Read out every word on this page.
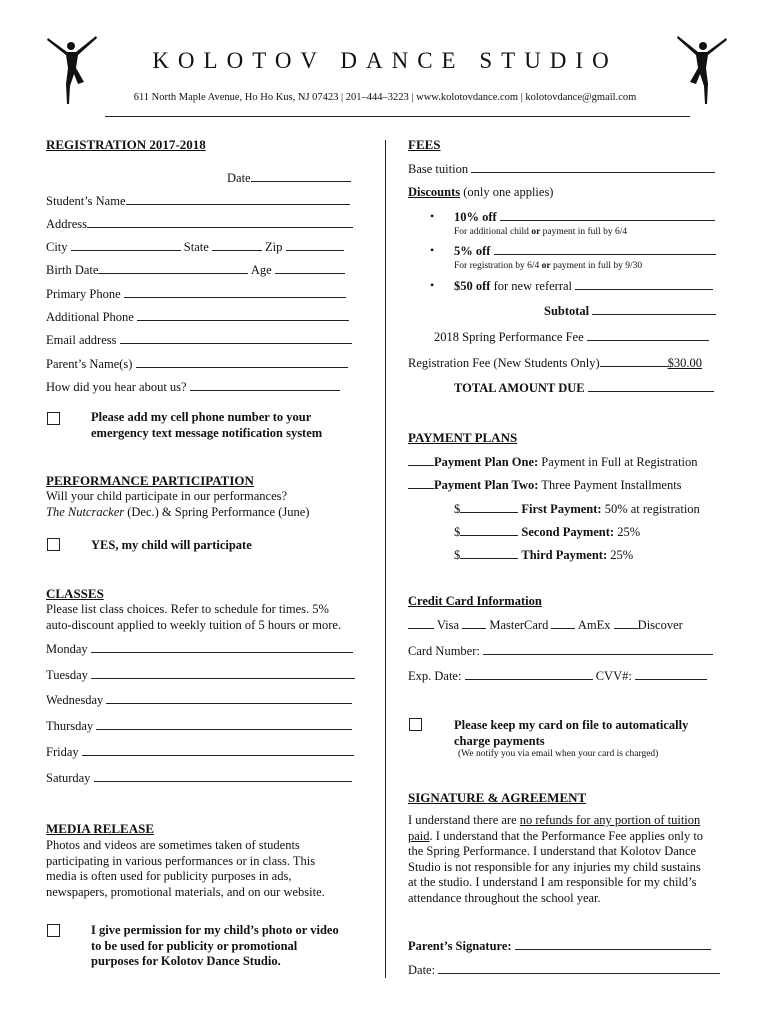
KOLOTOV DANCE STUDIO
611 North Maple Avenue, Ho Ho Kus, NJ 07423 | 201–444–3223 | www.kolotovdance.com | kolotovdance@gmail.com
REGISTRATION 2017-2018
Date
Student’s Name
Address
City	State	Zip
Birth Date	Age
Primary Phone
Additional Phone
Email address
Parent’s Name(s)
How did you hear about us?
Please add my cell phone number to your
emergency text message notification system
PERFORMANCE PARTICIPATION
Will your child participate in our performances?
The Nutcracker (Dec.) & Spring Performance (June)
YES, my child will participate
CLASSES
Please list class choices. Refer to schedule for times. 5%
auto-discount applied to weekly tuition of 5 hours or more.
Monday
Tuesday
Wednesday
Thursday
Friday
Saturday
MEDIA RELEASE
Photos and videos are sometimes taken of students
participating in various performances or in class. This
media is often used for publicity purposes in ads,
newspapers, promotional materials, and on our website.
I give permission for my child’s photo or video
to be used for publicity or promotional
purposes for Kolotov Dance Studio.
FEES
Base tuition
Discounts (only one applies)
• 10% off
For additional child or payment in full by 6/4
• 5% off
For registration by 6/4 or payment in full by 9/30
• $50 off for new referral
Subtotal
2018 Spring Performance Fee
Registration Fee (New Students Only)	$30.00
TOTAL AMOUNT DUE
PAYMENT PLANS
Payment Plan One: Payment in Full at Registration
Payment Plan Two: Three Payment Installments
$	First Payment: 50% at registration
$	Second Payment: 25%
$	Third Payment: 25%
Credit Card Information
Visa MasterCard AmEx Discover
Card Number:
Exp. Date:	CVV#:
Please keep my card on file to automatically
charge payments
(We notify you via email when your card is charged)
SIGNATURE & AGREEMENT
I understand there are no refunds for any portion of tuition
paid. I understand that the Performance Fee applies only to
the Spring Performance. I understand that Kolotov Dance
Studio is not responsible for any injuries my child sustains
at the studio. I understand I am responsible for my child’s
attendance throughout the school year.
Parent’s Signature:
Date:
